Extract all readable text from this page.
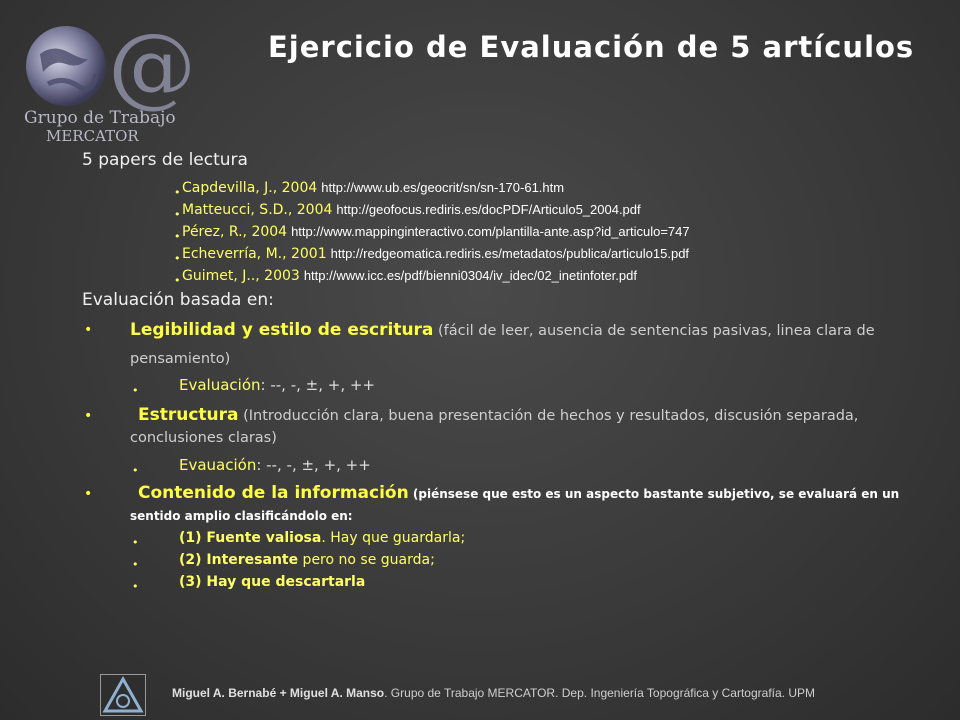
@
Grupo de Trabajo
MERCATOR
Ejercicio de Evaluación de 5 artículos
5 papers de lectura
• Capdevilla, J., 2004 http://www.ub.es/geocrit/sn/sn-170-61.htm
• Matteucci, S.D., 2004 http://geofocus.rediris.es/docPDF/Articulo5_2004.pdf
• Pérez, R., 2004 http://www.mappinginteractivo.com/plantilla-ante.asp?id_articulo=747
• Echeverría, M., 2001 http://redgeomatica.rediris.es/metadatos/publica/articulo15.pdf
• Guimet, J.., 2003 http://www.icc.es/pdf/bienni0304/iv_idec/02_inetinfoter.pdf
Evaluación basada en:
• Legibilidad y estilo de escritura (fácil de leer, ausencia de sentencias pasivas, linea clara de pensamiento)
•	Evaluación: --, -, ±, +, ++
•	Estructura (Introducción clara, buena presentación de hechos y resultados, discusión separada, conclusiones claras)
•	Evauación: --, -, ±, +, ++
•	Contenido de la información (piénsese que esto es un aspecto bastante subjetivo, se evaluará en un sentido amplio clasificándolo en:
•	(1) Fuente valiosa. Hay que guardarla;
•	(2) Interesante pero no se guarda;
•	(3) Hay que descartarla
Miguel A. Bernabé + Miguel A. Manso. Grupo de Trabajo MERCATOR. Dep. Ingeniería Topográfica y Cartografía. UPM
